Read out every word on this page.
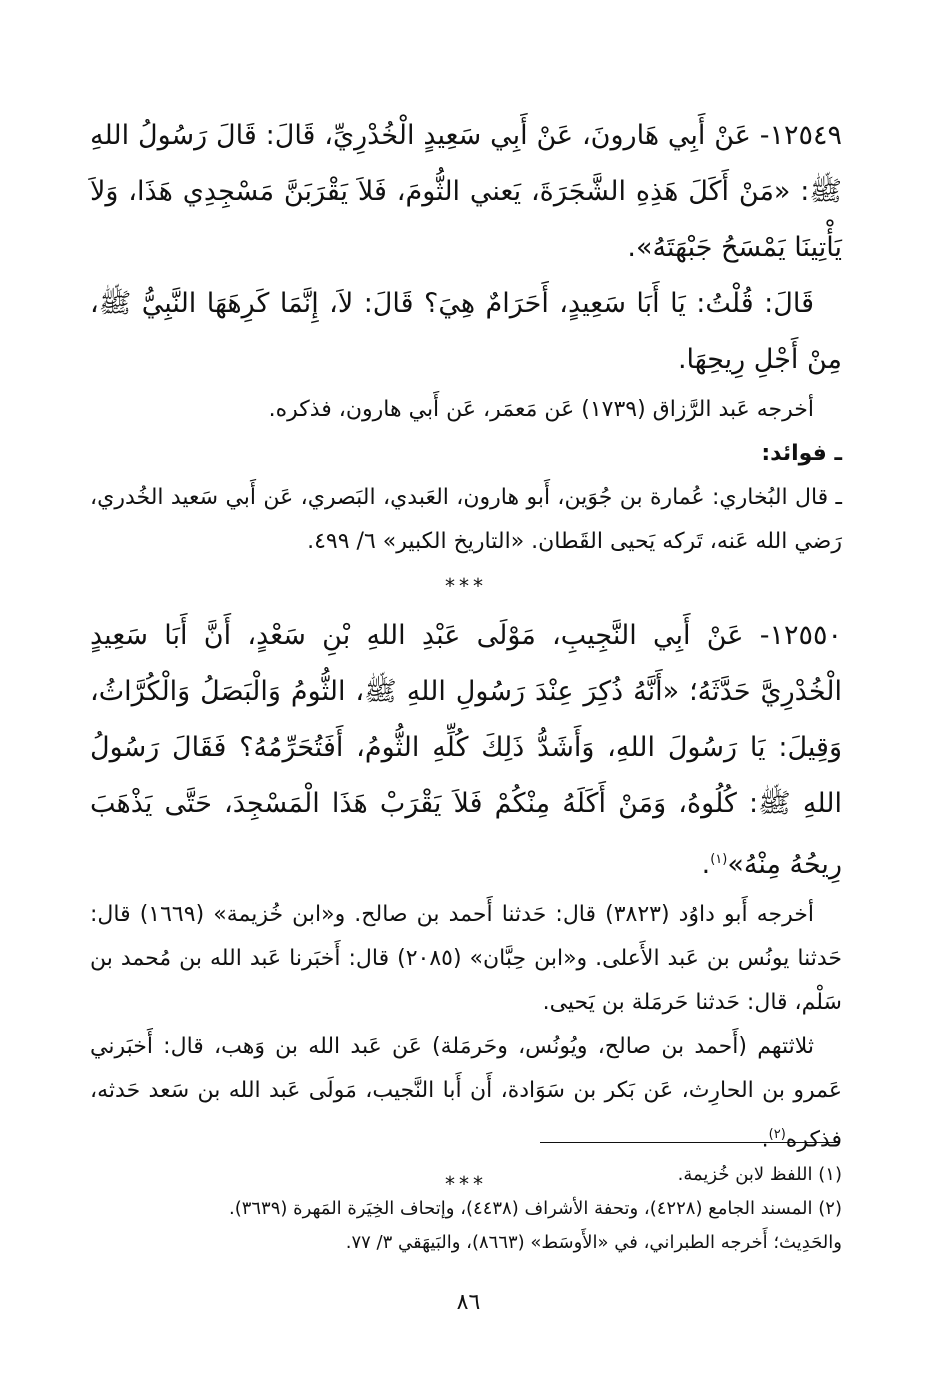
١٢٥٤٩- عَنْ أَبِي هَارونَ، عَنْ أَبِي سَعِيدٍ الْخُدْرِيِّ، قَالَ: قَالَ رَسُولُ اللهِ ﷺ: «مَنْ أَكَلَ هَذِهِ الشَّجَرَةَ، يَعني الثُّومَ، فَلاَ يَقْرَبَنَّ مَسْجِدِي هَذَا، وَلاَ يَأْتِينَا يَمْسَحُ جَبْهَتَهُ».

قَالَ: قُلْتُ: يَا أَبَا سَعِيدٍ، أَحَرَامٌ هِيَ؟ قَالَ: لاَ، إِنَّمَا كَرِهَهَا النَّبِيُّ ﷺ، مِنْ أَجْلِ رِيحِهَا.

أخرجه عَبد الرَّزاق (١٧٣٩) عَن مَعمَر، عَن أَبي هارون، فذكره.

ـ فوائد:

ـ قال البُخاري: عُمارة بن جُوَين، أَبو هارون، العَبدي، البَصري، عَن أَبي سَعيد الخُدري، رَضي الله عَنه، تَركه يَحيى القَطان. «التاريخ الكبير» ٦/ ٤٩٩.

***

١٢٥٥٠- عَنْ أَبِي النَّجِيبِ، مَوْلَى عَبْدِ اللهِ بْنِ سَعْدٍ، أَنَّ أَبَا سَعِيدٍ الْخُدْرِيَّ حَدَّثَهُ؛ «أَنَّهُ ذُكِرَ عِنْدَ رَسُولِ اللهِ ﷺ، الثُّومُ وَالْبَصَلُ وَالْكُرَّاثُ، وَقِيلَ: يَا رَسُولَ اللهِ، وَأَشَدُّ ذَلِكَ كُلِّهِ الثُّومُ، أَفَتُحَرِّمُهُ؟ فَقَالَ رَسُولُ اللهِ ﷺ: كُلُوهُ، وَمَنْ أَكَلَهُ مِنْكُمْ فَلاَ يَقْرَبْ هَذَا الْمَسْجِدَ، حَتَّى يَذْهَبَ رِيحُهُ مِنْهُ»$^{(١)}$.

أخرجه أَبو داوُد (٣٨٢٣) قال: حَدثنا أَحمد بن صالح. و«ابن خُزيمة» (١٦٦٩) قال: حَدثنا يونُس بن عَبد الأَعلى. و«ابن حِبَّان» (٢٠٨٥) قال: أَخبَرنا عَبد الله بن مُحمد بن سَلْم، قال: حَدثنا حَرمَلة بن يَحيى.

ثلاثتهم (أَحمد بن صالح، ويُونُس، وحَرمَلة) عَن عَبد الله بن وَهب، قال: أَخبَرني عَمرو بن الحارِث، عَن بَكر بن سَوَادة، أَن أَبا النَّجيب، مَولَى عَبد الله بن سَعد حَدثه، فذكره$^{(٢)}$.

***	(١) اللفظ لابن خُزيمة.

(٢) المسند الجامع (٤٢٢٨)، وتحفة الأشراف (٤٤٣٨)، وإتحاف الخِيَرة المَهرة (٣٦٣٩).

والحَدِيث؛ أَخرجه الطبراني، في «الأَوسَط» (٨٦٦٣)، والبَيهَقي ٣/ ٧٧.

٨٦
